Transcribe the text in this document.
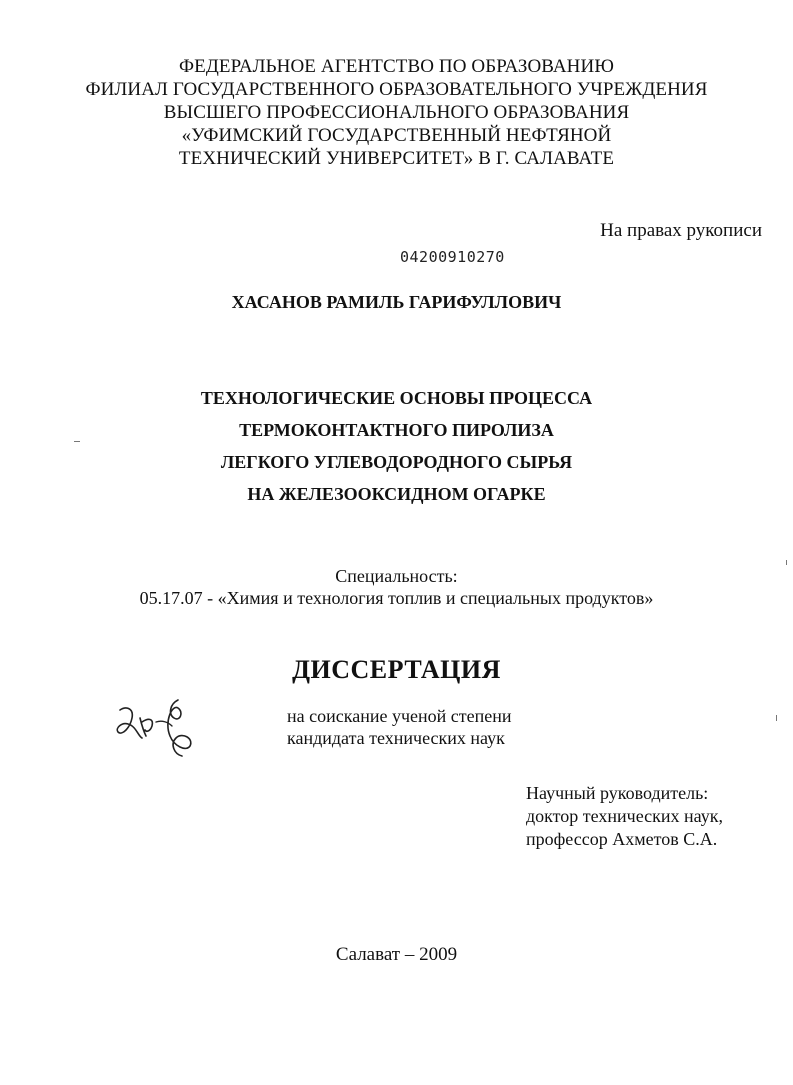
ФЕДЕРАЛЬНОЕ АГЕНТСТВО ПО ОБРАЗОВАНИЮ
ФИЛИАЛ ГОСУДАРСТВЕННОГО ОБРАЗОВАТЕЛЬНОГО УЧРЕЖДЕНИЯ
ВЫСШЕГО ПРОФЕССИОНАЛЬНОГО ОБРАЗОВАНИЯ
«УФИМСКИЙ ГОСУДАРСТВЕННЫЙ НЕФТЯНОЙ
ТЕХНИЧЕСКИЙ УНИВЕРСИТЕТ» В Г. САЛАВАТЕ
На правах рукописи
04200910270
ХАСАНОВ РАМИЛЬ ГАРИФУЛЛОВИЧ
ТЕХНОЛОГИЧЕСКИЕ ОСНОВЫ ПРОЦЕССА
ТЕРМОКОНТАКТНОГО ПИРОЛИЗА
ЛЕГКОГО УГЛЕВОДОРОДНОГО СЫРЬЯ
НА ЖЕЛЕЗООКСИДНОМ ОГАРКЕ
Специальность:
05.17.07 - «Химия и технология топлив и специальных продуктов»
ДИССЕРТАЦИЯ
на соискание ученой степени
кандидата технических наук
Научный руководитель:
доктор технических наук,
профессор Ахметов С.А.
Салават – 2009
